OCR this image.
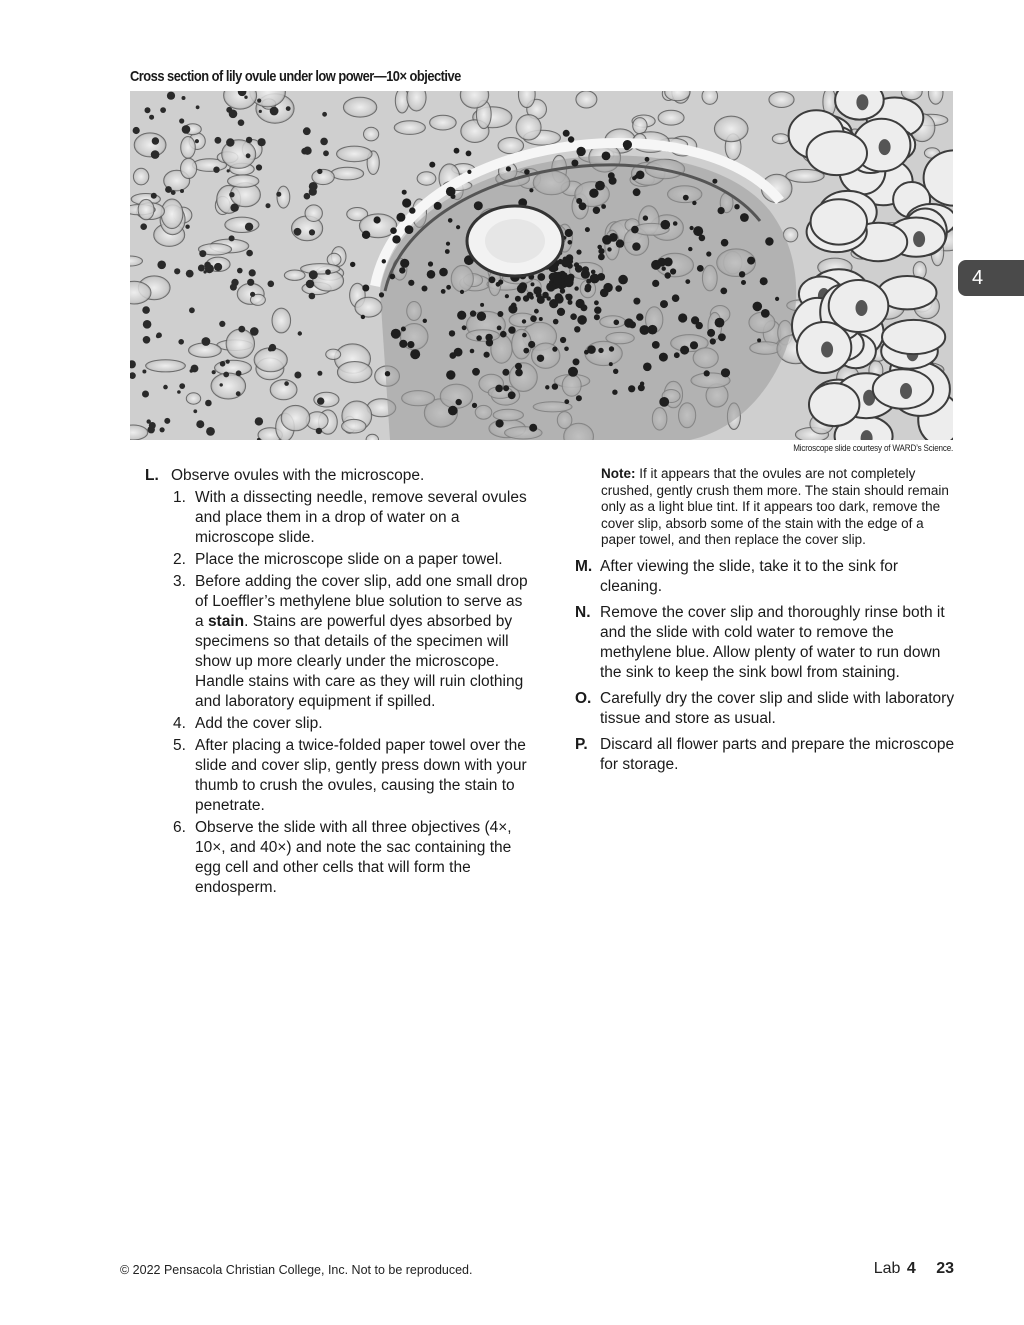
Cross section of lily ovule under low power—10× objective
Microscope slide courtesy of WARD’s Science.
4
L. Observe ovules with the microscope.
1. With a dissecting needle, remove several ovules and place them in a drop of water on a microscope slide.
2. Place the microscope slide on a paper towel.
3. Before adding the cover slip, add one small drop of Loeffler’s methylene blue solution to serve as a stain. Stains are powerful dyes absorbed by specimens so that details of the specimen will show up more clearly under the microscope. Handle stains with care as they will ruin clothing and laboratory equipment if spilled.
4. Add the cover slip.
5. After placing a twice-folded paper towel over the slide and cover slip, gently press down with your thumb to crush the ovules, causing the stain to penetrate.
6. Observe the slide with all three objectives (4×, 10×, and 40×) and note the sac containing the egg cell and other cells that will form the endosperm.
Note: If it appears that the ovules are not completely crushed, gently crush them more. The stain should remain only as a light blue tint. If it appears too dark, remove the cover slip, absorb some of the stain with the edge of a paper towel, and then replace the cover slip.
M. After viewing the slide, take it to the sink for cleaning.
N. Remove the cover slip and thoroughly rinse both it and the slide with cold water to remove the methylene blue. Allow plenty of water to run down the sink to keep the sink bowl from staining.
O. Carefully dry the cover slip and slide with laboratory tissue and store as usual.
P. Discard all flower parts and prepare the microscope for storage.
© 2022 Pensacola Christian College, Inc. Not to be reproduced.	Lab 4 23
